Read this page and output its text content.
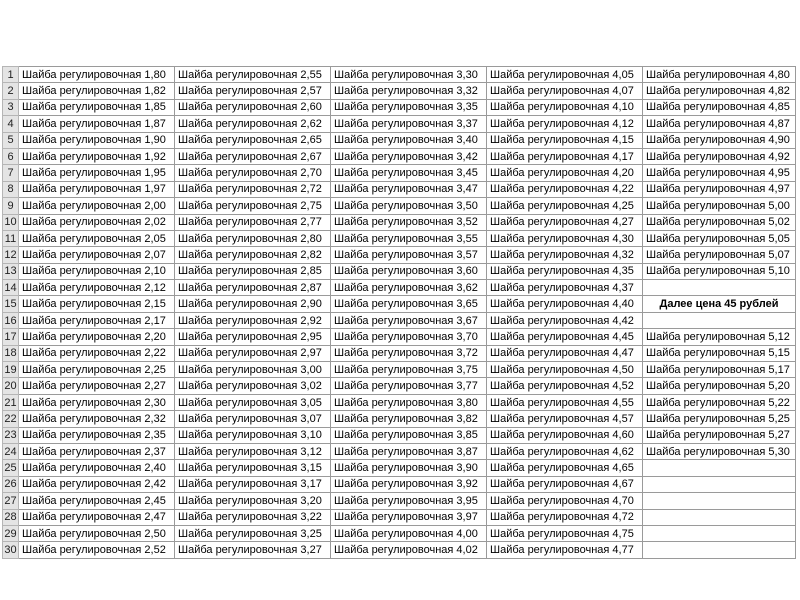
1	Шайба регулировочная 1,80	Шайба регулировочная 2,55	Шайба регулировочная 3,30	Шайба регулировочная 4,05	Шайба регулировочная 4,80
2	Шайба регулировочная 1,82	Шайба регулировочная 2,57	Шайба регулировочная 3,32	Шайба регулировочная 4,07	Шайба регулировочная 4,82
3	Шайба регулировочная 1,85	Шайба регулировочная 2,60	Шайба регулировочная 3,35	Шайба регулировочная 4,10	Шайба регулировочная 4,85
4	Шайба регулировочная 1,87	Шайба регулировочная 2,62	Шайба регулировочная 3,37	Шайба регулировочная 4,12	Шайба регулировочная 4,87
5	Шайба регулировочная 1,90	Шайба регулировочная 2,65	Шайба регулировочная 3,40	Шайба регулировочная 4,15	Шайба регулировочная 4,90
6	Шайба регулировочная 1,92	Шайба регулировочная 2,67	Шайба регулировочная 3,42	Шайба регулировочная 4,17	Шайба регулировочная 4,92
7	Шайба регулировочная 1,95	Шайба регулировочная 2,70	Шайба регулировочная 3,45	Шайба регулировочная 4,20	Шайба регулировочная 4,95
8	Шайба регулировочная 1,97	Шайба регулировочная 2,72	Шайба регулировочная 3,47	Шайба регулировочная 4,22	Шайба регулировочная 4,97
9	Шайба регулировочная 2,00	Шайба регулировочная 2,75	Шайба регулировочная 3,50	Шайба регулировочная 4,25	Шайба регулировочная 5,00
10	Шайба регулировочная 2,02	Шайба регулировочная 2,77	Шайба регулировочная 3,52	Шайба регулировочная 4,27	Шайба регулировочная 5,02
11	Шайба регулировочная 2,05	Шайба регулировочная 2,80	Шайба регулировочная 3,55	Шайба регулировочная 4,30	Шайба регулировочная 5,05
12	Шайба регулировочная 2,07	Шайба регулировочная 2,82	Шайба регулировочная 3,57	Шайба регулировочная 4,32	Шайба регулировочная 5,07
13	Шайба регулировочная 2,10	Шайба регулировочная 2,85	Шайба регулировочная 3,60	Шайба регулировочная 4,35	Шайба регулировочная 5,10
14	Шайба регулировочная 2,12	Шайба регулировочная 2,87	Шайба регулировочная 3,62	Шайба регулировочная 4,37	
15	Шайба регулировочная 2,15	Шайба регулировочная 2,90	Шайба регулировочная 3,65	Шайба регулировочная 4,40	Далее цена 45 рублей
16	Шайба регулировочная 2,17	Шайба регулировочная 2,92	Шайба регулировочная 3,67	Шайба регулировочная 4,42	
17	Шайба регулировочная 2,20	Шайба регулировочная 2,95	Шайба регулировочная 3,70	Шайба регулировочная 4,45	Шайба регулировочная 5,12
18	Шайба регулировочная 2,22	Шайба регулировочная 2,97	Шайба регулировочная 3,72	Шайба регулировочная 4,47	Шайба регулировочная 5,15
19	Шайба регулировочная 2,25	Шайба регулировочная 3,00	Шайба регулировочная 3,75	Шайба регулировочная 4,50	Шайба регулировочная 5,17
20	Шайба регулировочная 2,27	Шайба регулировочная 3,02	Шайба регулировочная 3,77	Шайба регулировочная 4,52	Шайба регулировочная 5,20
21	Шайба регулировочная 2,30	Шайба регулировочная 3,05	Шайба регулировочная 3,80	Шайба регулировочная 4,55	Шайба регулировочная 5,22
22	Шайба регулировочная 2,32	Шайба регулировочная 3,07	Шайба регулировочная 3,82	Шайба регулировочная 4,57	Шайба регулировочная 5,25
23	Шайба регулировочная 2,35	Шайба регулировочная 3,10	Шайба регулировочная 3,85	Шайба регулировочная 4,60	Шайба регулировочная 5,27
24	Шайба регулировочная 2,37	Шайба регулировочная 3,12	Шайба регулировочная 3,87	Шайба регулировочная 4,62	Шайба регулировочная 5,30
25	Шайба регулировочная 2,40	Шайба регулировочная 3,15	Шайба регулировочная 3,90	Шайба регулировочная 4,65	
26	Шайба регулировочная 2,42	Шайба регулировочная 3,17	Шайба регулировочная 3,92	Шайба регулировочная 4,67	
27	Шайба регулировочная 2,45	Шайба регулировочная 3,20	Шайба регулировочная 3,95	Шайба регулировочная 4,70	
28	Шайба регулировочная 2,47	Шайба регулировочная 3,22	Шайба регулировочная 3,97	Шайба регулировочная 4,72	
29	Шайба регулировочная 2,50	Шайба регулировочная 3,25	Шайба регулировочная 4,00	Шайба регулировочная 4,75	
30	Шайба регулировочная 2,52	Шайба регулировочная 3,27	Шайба регулировочная 4,02	Шайба регулировочная 4,77	
